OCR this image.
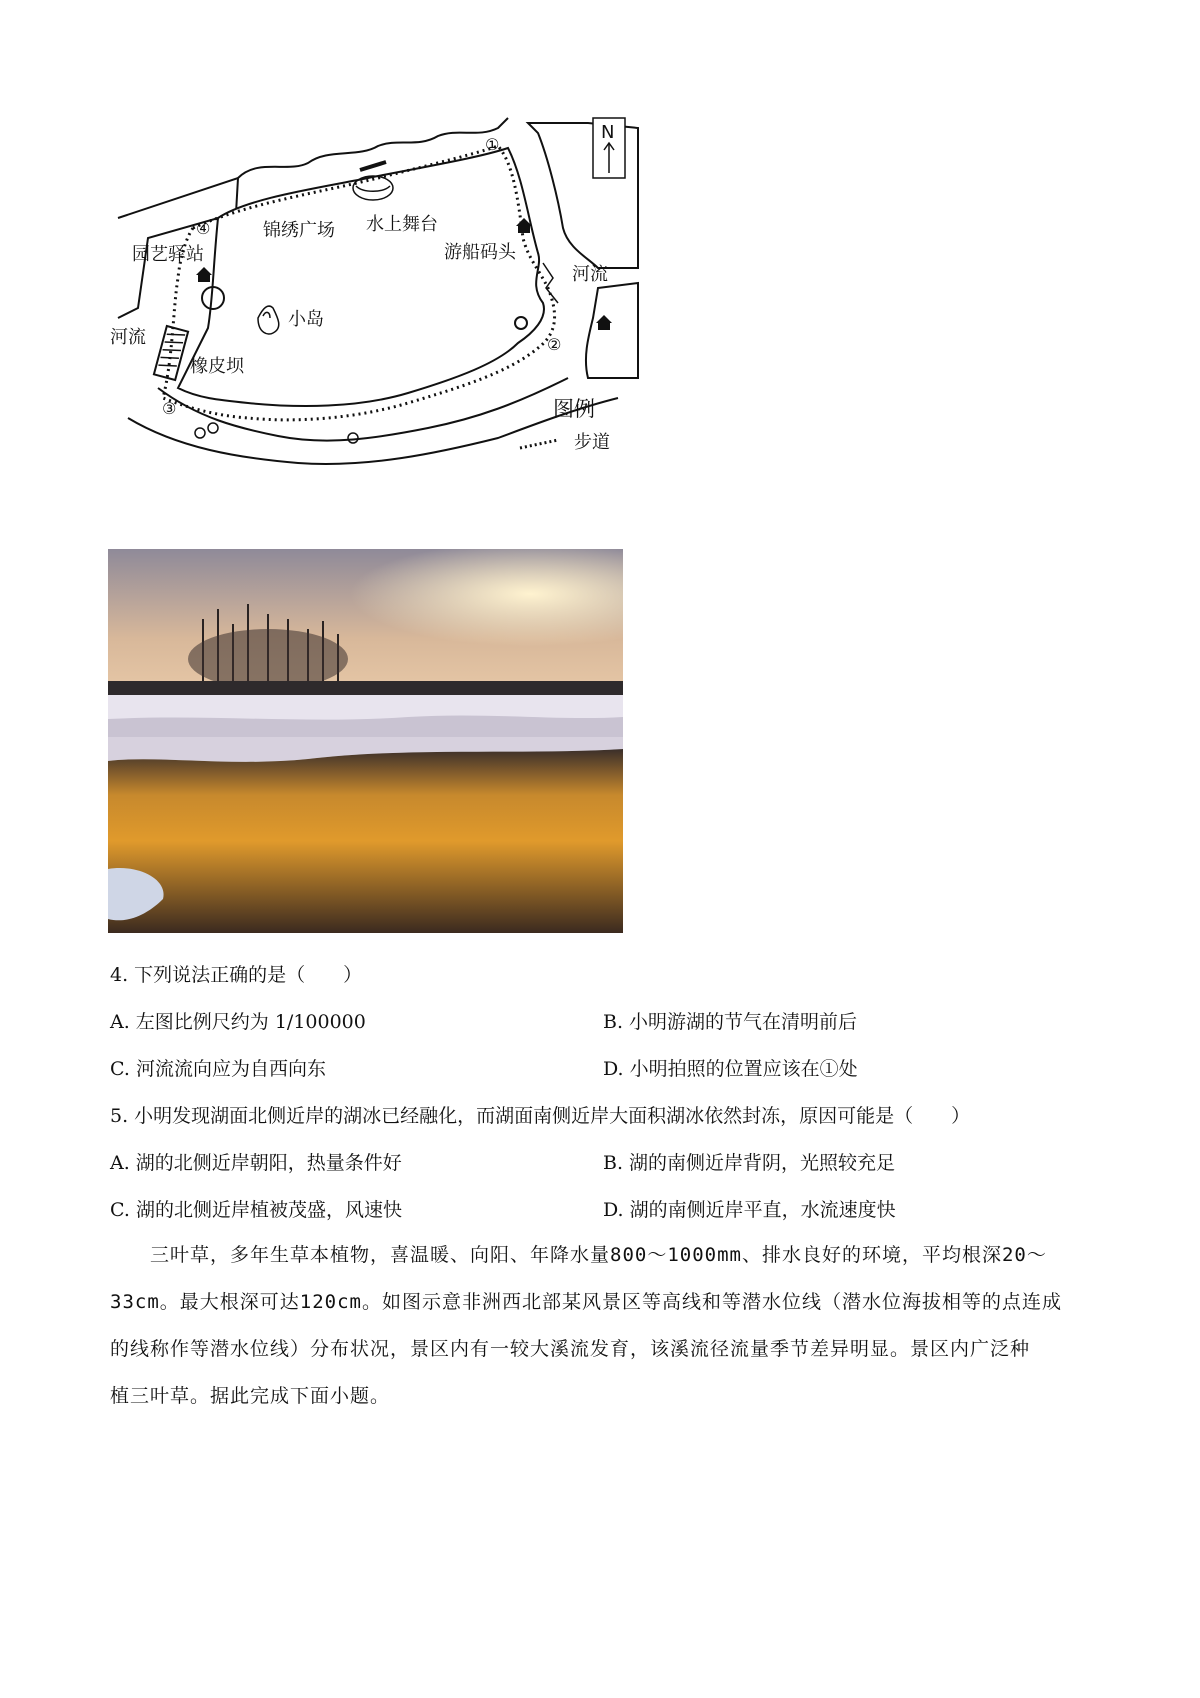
N
①
②
③
④	锦绣广场 水上舞台
园艺驿站	游船码头
河流
河流
小岛
橡皮坝
图例
步道
4. 下列说法正确的是（　　）
A. 左图比例尺约为 1/100000	B. 小明游湖的节气在清明前后
C. 河流流向应为自西向东	D. 小明拍照的位置应该在①处
5. 小明发现湖面北侧近岸的湖冰已经融化，而湖面南侧近岸大面积湖冰依然封冻，原因可能是（　　）
A. 湖的北侧近岸朝阳，热量条件好	B. 湖的南侧近岸背阴，光照较充足
C. 湖的北侧近岸植被茂盛，风速快	D. 湖的南侧近岸平直，水流速度快
三叶草，多年生草本植物，喜温暖、向阳、年降水量800～1000mm、排水良好的环境，平均根深20～
33cm。最大根深可达120cm。如图示意非洲西北部某风景区等高线和等潜水位线（潜水位海拔相等的点连成
的线称作等潜水位线）分布状况，景区内有一较大溪流发育，该溪流径流量季节差异明显。景区内广泛种
植三叶草。据此完成下面小题。
